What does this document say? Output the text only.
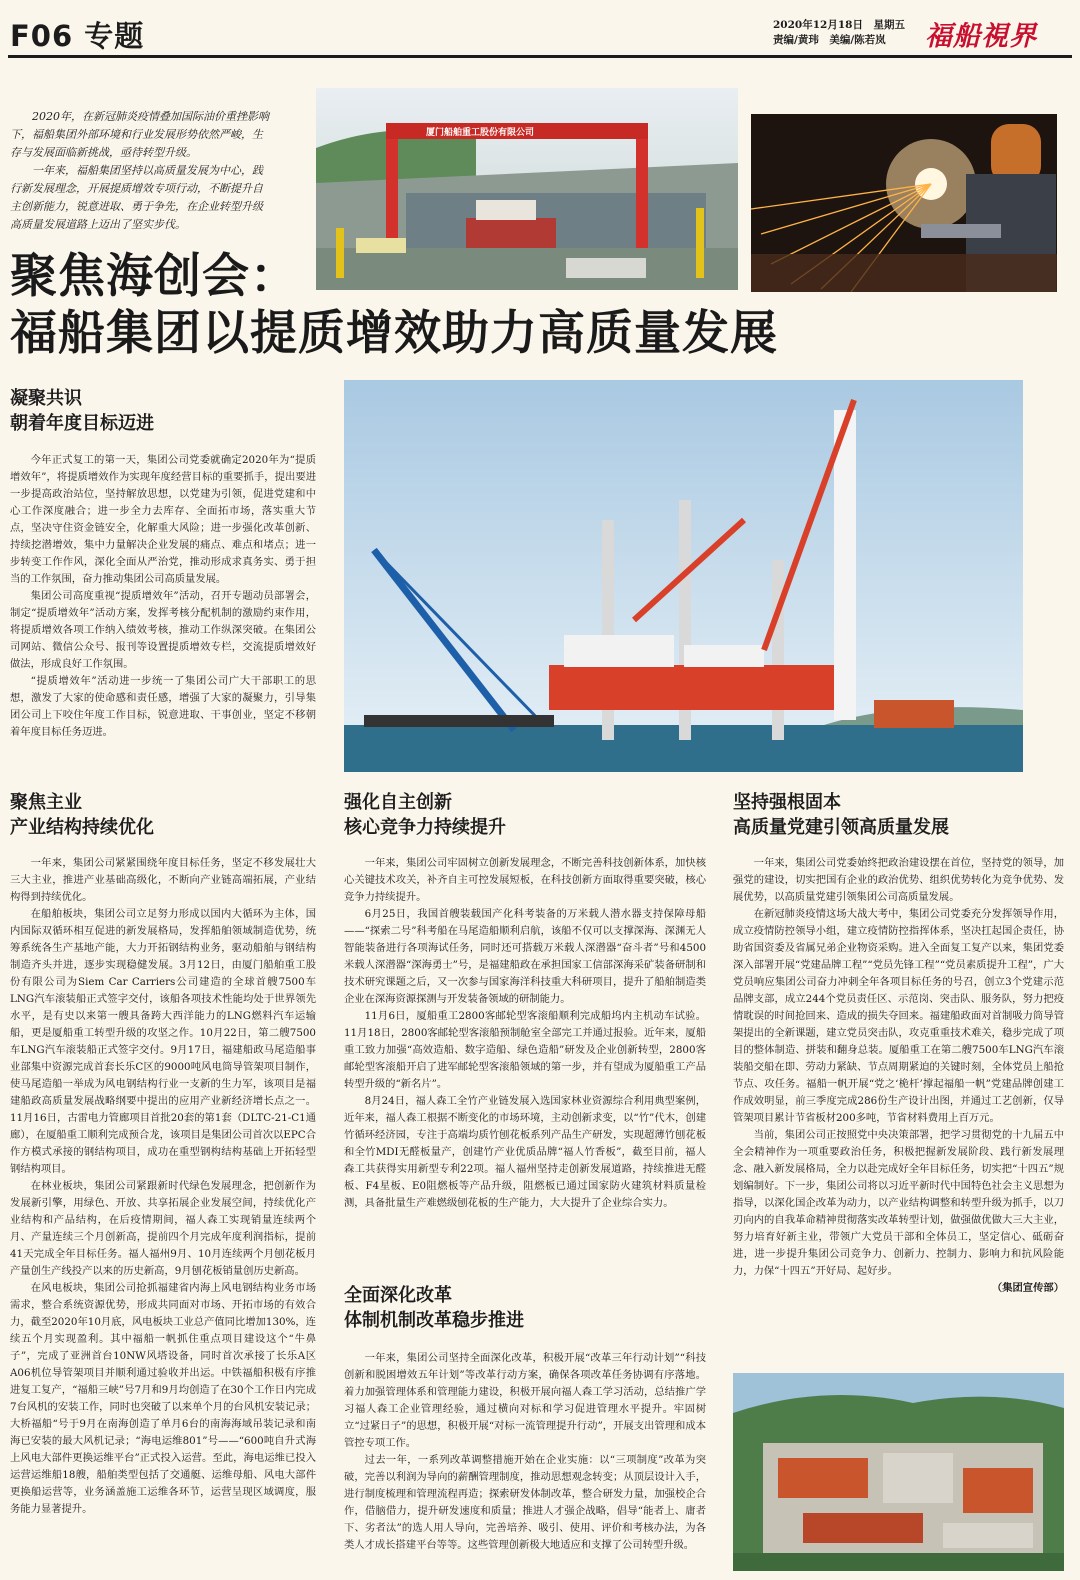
F06 专题	2020年12月18日　星期五
责编/黄玮　美编/陈若岚	福船視界

2020年，在新冠肺炎疫情叠加国际油价重挫影响下，福船集团外部环境和行业发展形势依然严峻，生存与发展面临新挑战，亟待转型升级。

一年来，福船集团坚持以高质量发展为中心，践行新发展理念，开展提质增效专项行动，不断提升自主创新能力，锐意进取、勇于争先，在企业转型升级高质量发展道路上迈出了坚实步伐。

厦门船舶重工股份有限公司
聚焦海创会：
福船集团以提质增效助力高质量发展
凝聚共识
朝着年度目标迈进

今年正式复工的第一天，集团公司党委就确定2020年为“提质增效年”，将提质增效作为实现年度经营目标的重要抓手，提出要进一步提高政治站位，坚持解放思想，以党建为引领，促进党建和中心工作深度融合；进一步全力去库存、全面拓市场，落实重大节点，坚决守住资金链安全，化解重大风险；进一步强化改革创新、持续挖潜增效，集中力量解决企业发展的痛点、难点和堵点；进一步转变工作作风，深化全面从严治党，推动形成求真务实、勇于担当的工作氛围，奋力推动集团公司高质量发展。

集团公司高度重视“提质增效年”活动，召开专题动员部署会，制定“提质增效年”活动方案，发挥考核分配机制的激励约束作用，将提质增效各项工作纳入绩效考核，推动工作纵深突破。在集团公司网站、微信公众号、报刊等设置提质增效专栏，交流提质增效好做法，形成良好工作氛围。

“提质增效年”活动进一步统一了集团公司广大干部职工的思想，激发了大家的使命感和责任感，增强了大家的凝聚力，引导集团公司上下咬住年度工作目标，锐意进取、干事创业，坚定不移朝着年度目标任务迈进。

聚焦主业
产业结构持续优化

一年来，集团公司紧紧围绕年度目标任务，坚定不移发展壮大三大主业，推进产业基础高级化，不断向产业链高端拓展，产业结构得到持续优化。

在船舶板块，集团公司立足努力形成以国内大循环为主体，国内国际双循环相互促进的新发展格局，发挥船舶领域制造优势，统筹系统各生产基地产能，大力开拓钢结构业务，驱动船舶与钢结构制造齐头并进，逐步实现稳健发展。3月12日，由厦门船舶重工股份有限公司为Siem Car Carriers公司建造的全球首艘7500车LNG汽车滚装船正式签字交付，该船各项技术性能均处于世界领先水平，是有史以来第一艘具备跨大西洋能力的LNG燃料汽车运输船，更是厦船重工转型升级的攻坚之作。10月22日，第二艘7500车LNG汽车滚装船正式签字交付。9月17日，福建船政马尾造船事业部集中资源完成首套长乐C区的9000吨风电筒导管架项目制作，使马尾造船一举成为风电钢结构行业一支新的生力军，该项目是福建船政高质量发展战略纲要中提出的应用产业新经济增长点之一。11月16日，古雷电力管廊项目首批20套的第1套（DLTC-21-C1通廊），在厦船重工顺利完成预合龙，该项目是集团公司首次以EPC合作方模式承接的钢结构项目，成功在重型钢构结构基础上开拓轻型钢结构项目。

在林业板块，集团公司紧跟新时代绿色发展理念，把创新作为发展新引擎，用绿色、开放、共享拓展企业发展空间，持续优化产业结构和产品结构，在后疫情期间，福人森工实现销量连续两个月、产量连续三个月创新高，提前四个月完成年度利润指标，提前41天完成全年目标任务。福人福州9月、10月连续两个月刨花板月产量创生产线投产以来的历史新高，9月刨花板销量创历史新高。

在风电板块，集团公司抢抓福建省内海上风电钢结构业务市场需求，整合系统资源优势，形成共同面对市场、开拓市场的有效合力，截至2020年10月底，风电板块工业总产值同比增加130%，连续五个月实现盈利。其中福船一帆抓住重点项目建设这个“牛鼻子”，完成了亚洲首台10NW风塔设备，同时首次承接了长乐A区A06机位导管架项目并顺利通过验收并出运。中铁福船积极有序推进复工复产，“福船三峡”号7月和9月均创造了在30个工作日内完成7台风机的安装工作，同时也突破了以来单个月的台风机安装记录；大桥福船“号于9月在南海创造了单月6台的南海海域吊装记录和南海已安装的最大风机记录；“海电运维801”号——“600吨自升式海上风电大部件更换运维平台”正式投入运营。至此，海电运维已投入运营运维船18艘，船舶类型包括了交通艇、运维母船、风电大部件更换船运营等，业务涵盖施工运维各环节，运营呈现区域调度，服务能力显著提升。

强化自主创新
核心竞争力持续提升

一年来，集团公司牢固树立创新发展理念，不断完善科技创新体系，加快核心关键技术攻关，补齐自主可控发展短板，在科技创新方面取得重要突破，核心竞争力持续提升。

6月25日，我国首艘装载国产化科考装备的万米载人潜水器支持保障母船——“探索二号”科考船在马尾造船顺利启航，该船不仅可以支撑深海、深渊无人智能装备进行各项海试任务，同时还可搭载万米载人深潜器“奋斗者”号和4500米载人深潜器“深海勇士”号，是福建船政在承担国家工信部深海采矿装备研制和技术研究课题之后，又一次参与国家海洋科技重大科研项目，提升了船舶制造类企业在深海资源探测与开发装备领域的研制能力。

11月6日，厦船重工2800客邮轮型客滚船顺利完成船坞内主机动车试验。11月18日，2800客邮轮型客滚船预制舱室全部完工并通过报验。近年来，厦船重工致力加强“高效造船、数字造船、绿色造船”研发及企业创新转型，2800客邮轮型客滚船开启了进军邮轮型客滚船领域的第一步，并有望成为厦船重工产品转型升级的“新名片”。

8月24日，福人森工全竹产业链发展入选国家林业资源综合利用典型案例，近年来，福人森工根据不断变化的市场环境，主动创新求变，以“竹”代木，创建竹循环经济园，专注于高端均质竹刨花板系列产品生产研发，实现超薄竹刨花板和全竹MDI无醛板量产，创建竹产业优质品牌“福人竹香板”，截至目前，福人森工共获得实用新型专利22项。福人福州坚持走创新发展道路，持续推进无醛板、F4星板、E0阻燃板等产品升级，阻燃板已通过国家防火建筑材料质量检测，具备批量生产难燃级刨花板的生产能力，大大提升了企业综合实力。

全面深化改革
体制机制改革稳步推进

一年来，集团公司坚持全面深化改革，积极开展“改革三年行动计划”“科技创新和脱困增效五年计划”等改革行动方案，确保各项改革任务协调有序落地。着力加强管理体系和管理能力建设，积极开展向福人森工学习活动，总结推广学习福人森工企业管理经验，通过横向对标和学习促进管理水平提升。牢固树立“过紧日子”的思想，积极开展“对标一流管理提升行动”，开展支出管理和成本管控专项工作。

过去一年，一系列改革调整措施开始在企业实施：以“三项制度”改革为突破，完善以利润为导向的薪酬管理制度，推动思想观念转变；从顶层设计入手，进行制度梳理和管理流程再造；探索研发体制改革，整合研发力量，加强校企合作，借脑借力，提升研发速度和质量；推进人才强企战略，倡导“能者上、庸者下、劣者汰”的选人用人导向，完善培养、吸引、使用、评价和考核办法，为各类人才成长搭建平台等等。这些管理创新极大地适应和支撑了公司转型升级。

坚持强根固本
高质量党建引领高质量发展

一年来，集团公司党委始终把政治建设摆在首位，坚持党的领导，加强党的建设，切实把国有企业的政治优势、组织优势转化为竞争优势、发展优势，以高质量党建引领集团公司高质量发展。

在新冠肺炎疫情这场大战大考中，集团公司党委充分发挥领导作用，成立疫情防控领导小组，建立疫情防控指挥体系，坚决扛起国企责任，协助省国资委及省属兄弟企业物资采购。进入全面复工复产以来，集团党委深入部署开展“党建品牌工程”“党员先锋工程”“党员素质提升工程”，广大党员响应集团公司奋力冲刺全年各项目标任务的号召，创立3个党建示范品牌支部，成立244个党员责任区、示范岗、突击队、服务队，努力把疫情耽误的时间抢回来、造成的损失夺回来。福建船政面对首制吸力筒导管架提出的全新课题，建立党员突击队，攻克重重技术难关，稳步完成了项目的整体制造、拼装和翻身总装。厦船重工在第二艘7500车LNG汽车滚装船交船在即、劳动力紧缺、节点周期紧迫的关键时刻，全体党员上船抢节点、攻任务。福船一帆开展“党之‘桅杆’撑起福船一帆”党建品牌创建工作成效明显，前三季度完成286份生产设计出图，并通过工艺创新，仅导管架项目累计节省板材200多吨，节省材料费用上百万元。

当前，集团公司正按照党中央决策部署，把学习贯彻党的十九届五中全会精神作为一项重要政治任务，积极把握新发展阶段、践行新发展理念、融入新发展格局，全力以赴完成好全年目标任务，切实把“十四五”规划编制好。下一步，集团公司将以习近平新时代中国特色社会主义思想为指导，以深化国企改革为动力，以产业结构调整和转型升级为抓手，以刀刃向内的自我革命精神贯彻落实改革转型计划，做强做优做大三大主业，努力培育好新主业，带领广大党员干部和全体员工，坚定信心、砥砺奋进，进一步提升集团公司竞争力、创新力、控制力、影响力和抗风险能力，力保“十四五”开好局、起好步。

（集团宣传部）
